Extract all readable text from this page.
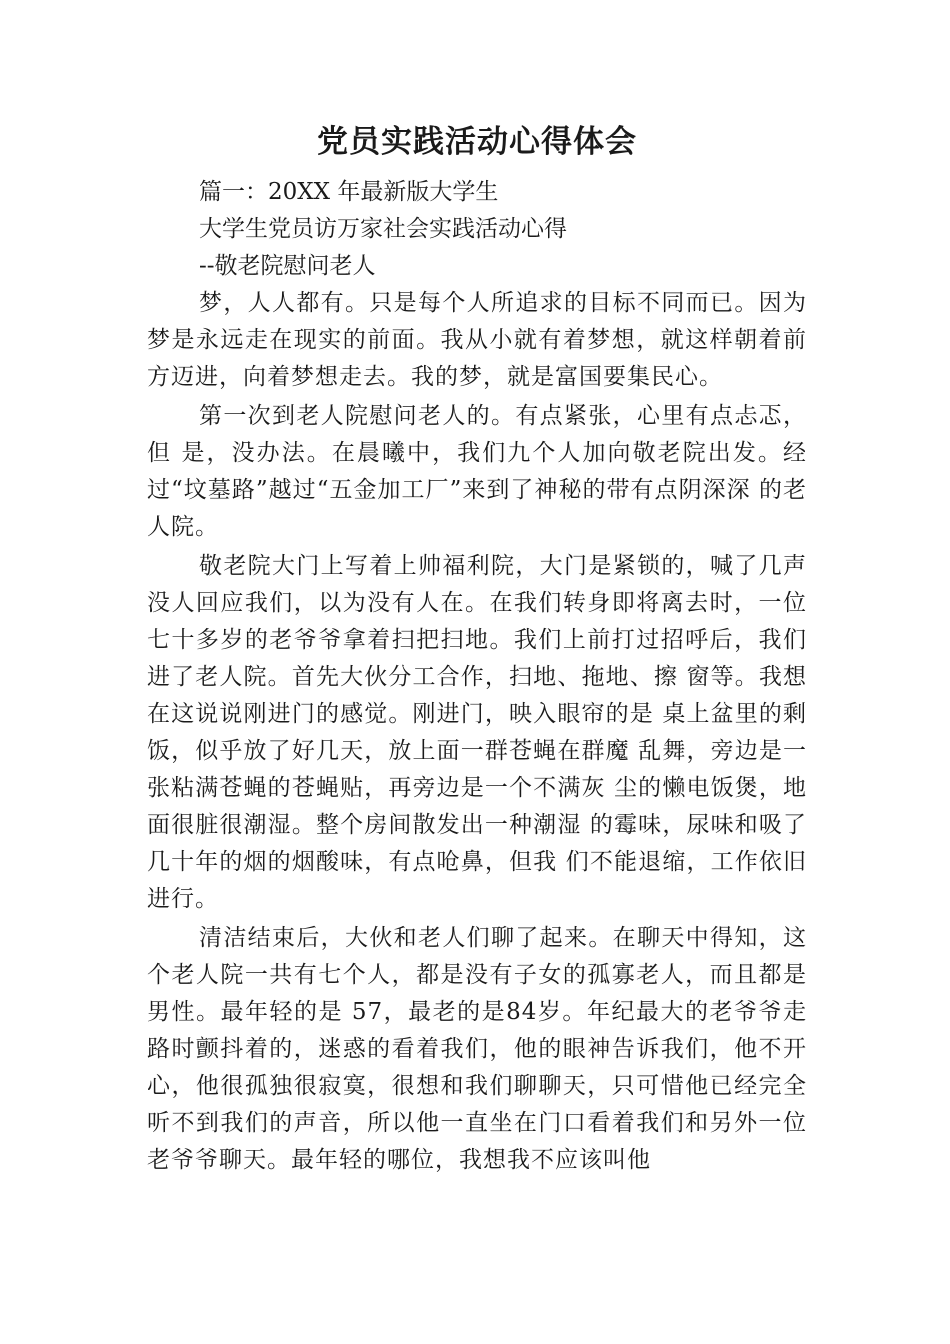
党员实践活动心得体会

篇一：20XX 年最新版大学生

大学生党员访万家社会实践活动心得

--敬老院慰问老人

梦，人人都有。只是每个人所追求的目标不同而已。因为梦是永远走在现实的前面。我从小就有着梦想，就这样朝着前方迈进，向着梦想走去。我的梦，就是富国要集民心。

第一次到老人院慰问老人的。有点紧张，心里有点忐忑，但 是，没办法。在晨曦中，我们九个人加向敬老院出发。经过“坟墓路”越过“五金加工厂”来到了神秘的带有点阴深深 的老人院。

敬老院大门上写着上帅福利院，大门是紧锁的，喊了几声没人回应我们，以为没有人在。在我们转身即将离去时，一位七十多岁的老爷爷拿着扫把扫地。我们上前打过招呼后，我们进了老人院。首先大伙分工合作，扫地、拖地、擦 窗等。我想在这说说刚进门的感觉。刚进门，映入眼帘的是 桌上盆里的剩饭，似乎放了好几天，放上面一群苍蝇在群魔 乱舞，旁边是一张粘满苍蝇的苍蝇贴，再旁边是一个不满灰 尘的懒电饭煲，地面很脏很潮湿。整个房间散发出一种潮湿 的霉味，尿味和吸了几十年的烟的烟酸味，有点呛鼻，但我 们不能退缩，工作依旧进行。

清洁结束后，大伙和老人们聊了起来。在聊天中得知，这个老人院一共有七个人，都是没有子女的孤寡老人，而且都是男性。最年轻的是 57，最老的是84岁。年纪最大的老爷爷走路时颤抖着的，迷惑的看着我们，他的眼神告诉我们，他不开心，他很孤独很寂寞，很想和我们聊聊天，只可惜他已经完全听不到我们的声音，所以他一直坐在门口看着我们和另外一位老爷爷聊天。最年轻的哪位，我想我不应该叫他
